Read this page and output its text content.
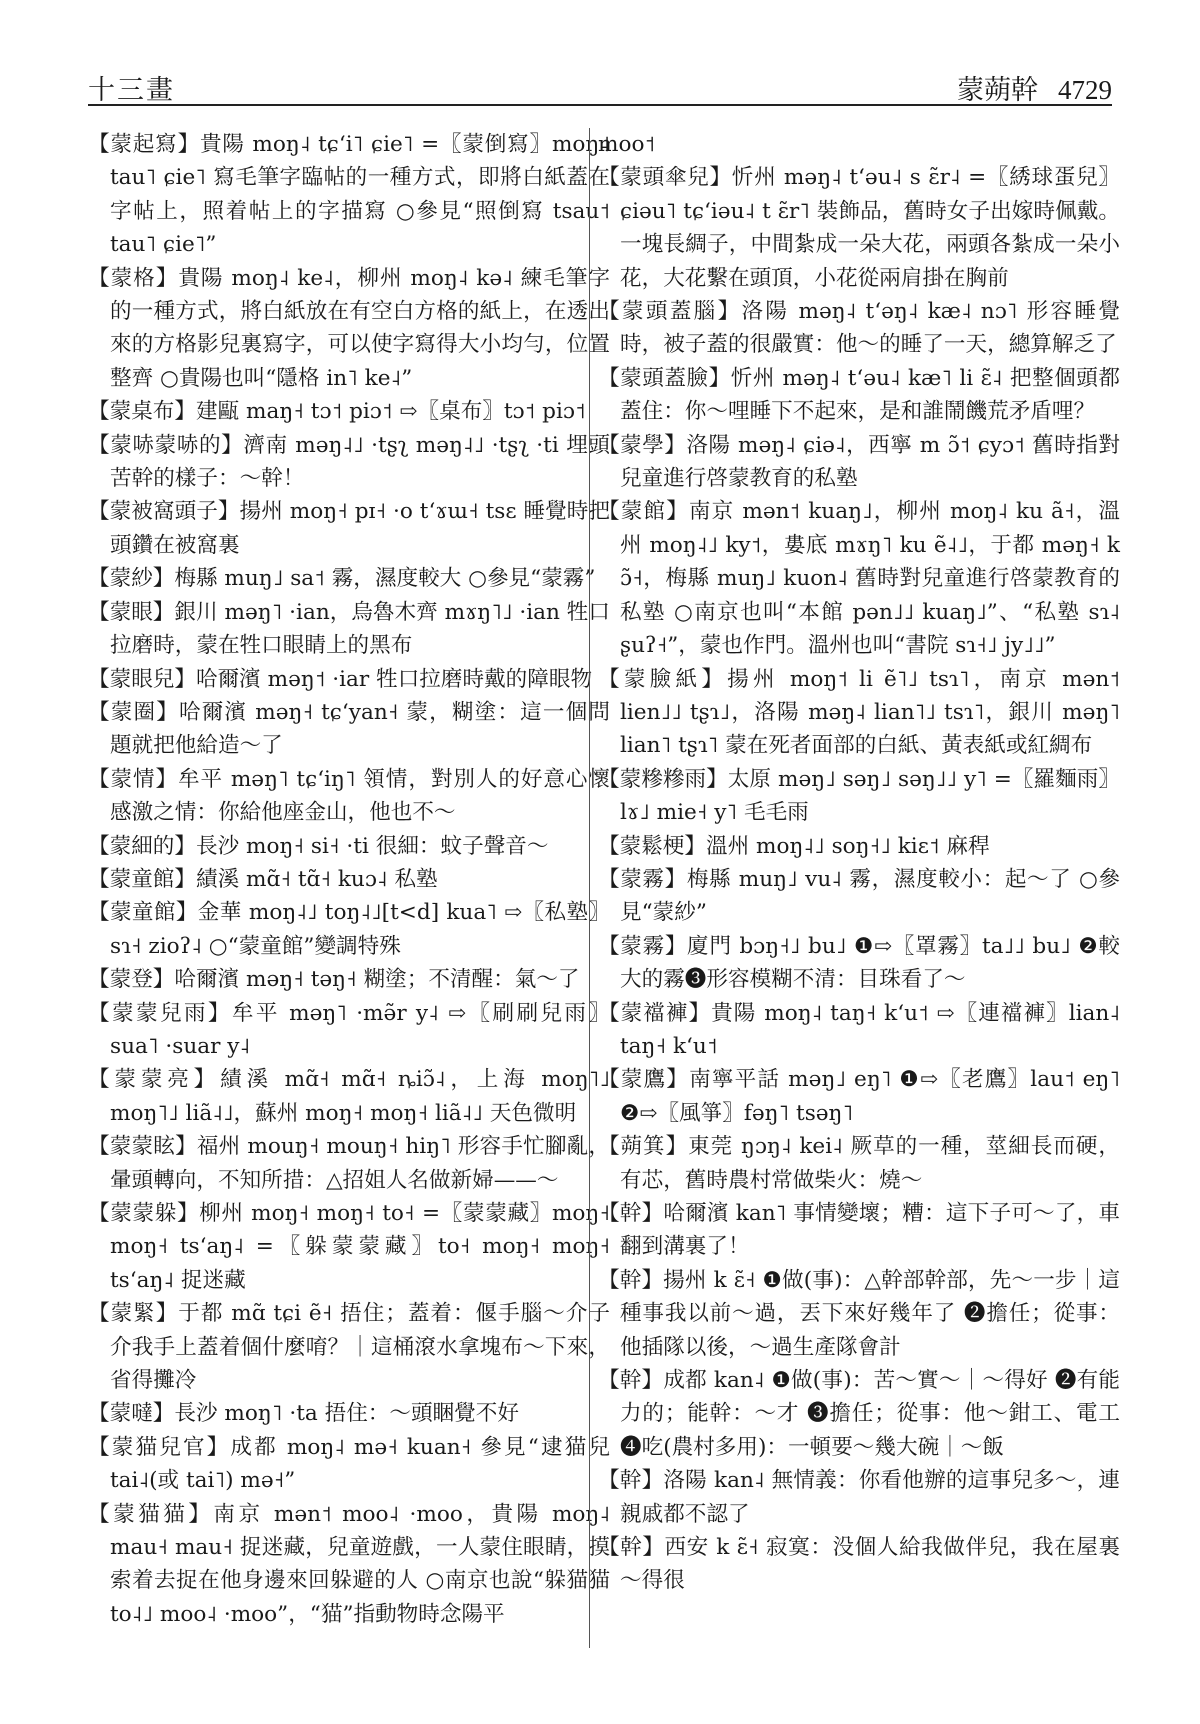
十三畫	蒙蒴幹 4729

【蒙起寫】貴陽 moŋ˨ tɕʻi˥ ɕie˥ =〖蒙倒寫〗moŋ˨ tau˥ ɕie˥ 寫毛筆字臨帖的一種方式，即將白紙蓋在字帖上，照着帖上的字描寫 ○參見“照倒寫 tsau˦ tau˥ ɕie˥”

【蒙格】貴陽 moŋ˨ ke˨，柳州 moŋ˨ kə˨ 練毛筆字的一種方式，將白紙放在有空白方格的紙上，在透出來的方格影兒裏寫字，可以使字寫得大小均勻，位置整齊 ○貴陽也叫“隱格 in˥ ke˨”

【蒙桌布】建甌 maŋ˧ tɔ˦ piɔ˦ ⇨〖桌布〗tɔ˦ piɔ˦

【蒙哧蒙哧的】濟南 məŋ˨˩ ·tʂʅ məŋ˨˩ ·tʂʅ ·ti 埋頭苦幹的樣子：～幹！

【蒙被窩頭子】揚州 moŋ˧ pɪ˧ ·o tʻɤɯ˧ tsɛ 睡覺時把頭鑽在被窩裏

【蒙紗】梅縣 muŋ˩ sa˦ 霧，濕度較大 ○參見“蒙霧”

【蒙眼】銀川 məŋ˥ ·ian，烏魯木齊 mɤŋ˥˩ ·ian 牲口拉磨時，蒙在牲口眼睛上的黑布

【蒙眼兒】哈爾濱 məŋ˦ ·iar 牲口拉磨時戴的障眼物

【蒙圈】哈爾濱 məŋ˧ tɕʻyan˧ 蒙，糊塗：這一個問題就把他給造～了

【蒙情】牟平 məŋ˥ tɕʻiŋ˥ 領情，對別人的好意心懷感激之情：你給他座金山，他也不～

【蒙細的】長沙 moŋ˧ si˧ ·ti 很細：蚊子聲音～

【蒙童館】績溪 mɑ̃˧ tɑ̃˧ kuɔ˨ 私塾

【蒙童館】金華 moŋ˨˩ toŋ˨˩[t<d] kua˥ ⇨〖私塾〗sɿ˧ zioʔ˨ ○“蒙童館”變調特殊

【蒙登】哈爾濱 məŋ˧ təŋ˧ 糊塗；不清醒：氣～了

【蒙蒙兒雨】牟平 məŋ˥ ·mə̃r y˨ ⇨〖刷刷兒雨〗suа˥ ·suar y˨

【蒙蒙亮】績溪 mɑ̃˧ mɑ̃˧ ȵiɔ̃˨，上海 moŋ˥˩ moŋ˥˩ liã˨˩，蘇州 moŋ˧ moŋ˧ liã˨˩ 天色微明

【蒙蒙眩】福州 mouŋ˧ mouŋ˧ hiŋ˥ 形容手忙腳亂，暈頭轉向，不知所措：△招姐人名做新婦——～

【蒙蒙躲】柳州 moŋ˧ moŋ˧ to˧ =〖蒙蒙藏〗moŋ˧ moŋ˧ tsʻaŋ˨ =〖躲蒙蒙藏〗to˧ moŋ˧ moŋ˧ tsʻaŋ˨ 捉迷藏

【蒙緊】于都 mɑ̃ tɕi ẽ˧ 捂住；蓋着：偃手腦～介子介我手上蓋着個什麼唷？｜這桶滾水拿塊布～下來，省得攤冷

【蒙噠】長沙 moŋ˥ ·ta 捂住：～頭睏覺不好

【蒙猫兒官】成都 moŋ˨ mə˧ kuan˧ 參見“逮猫兒 tai˨(或 tai˥) mə˧”

【蒙猫猫】南京 mən˦ moo˨ ·moo，貴陽 moŋ˨ mau˧ mau˧ 捉迷藏，兒童遊戲，一人蒙住眼睛，摸索着去捉在他身邊來回躲避的人 ○南京也說“躲猫猫 to˨˩ moo˨ ·moo”，“猫”指動物時念陽平

moo˦

【蒙頭傘兒】忻州 məŋ˨ tʻəu˨ s ɛ̃r˨ =〖綉球蛋兒〗ɕiəu˥ tɕʻiəu˨ t ɛ̃r˥ 裝飾品，舊時女子出嫁時佩戴。一塊長綢子，中間紮成一朵大花，兩頭各紮成一朵小花，大花繫在頭頂，小花從兩肩掛在胸前

【蒙頭蓋腦】洛陽 məŋ˨ tʻəŋ˨ kæ˨ nɔ˥ 形容睡覺時，被子蓋的很嚴實：他～的睡了一天，總算解乏了

【蒙頭蓋臉】忻州 məŋ˨ tʻəu˨ kæ˥ li ɛ̃˨ 把整個頭都蓋住：你～哩睡下不起來，是和誰鬧饑荒矛盾哩？

【蒙學】洛陽 məŋ˨ ɕiə˨，西寧 m ɔ̃˦ ɕyɔ˦ 舊時指對兒童進行啓蒙教育的私塾

【蒙館】南京 mən˦ kuaŋ˩，柳州 moŋ˨ ku ã˧，溫州 moŋ˨˩ ky˦，婁底 mɤŋ˥ ku ẽ˨˩，于都 məŋ˧ k ɔ̃˧，梅縣 muŋ˩ kuon˨ 舊時對兒童進行啓蒙教育的私塾 ○南京也叫“本館 pən˩˩ kuaŋ˩”、“私塾 sɿ˨ ʂuʔ˧”，蒙也作門。溫州也叫“書院 sɿ˧˩ jy˩˩”

【蒙臉紙】揚州 moŋ˦ li ẽ˥˩ tsɿ˥，南京 mən˦ lien˩˩ tʂɿ˩，洛陽 məŋ˨ lian˥˩ tsɿ˥，銀川 məŋ˥ lian˥ tʂɿ˥ 蒙在死者面部的白紙、黃表紙或紅綢布

【蒙糝糝雨】太原 məŋ˩ səŋ˩ səŋ˩˩ y˥ =〖羅麵雨〗lɤ˩ mie˧ y˥ 毛毛雨

【蒙鬆梗】溫州 moŋ˨˩ soŋ˧˩ kiɛ˦ 麻稈

【蒙霧】梅縣 muŋ˩ vu˨ 霧，濕度較小：起～了 ○參見“蒙紗”

【蒙霧】廈門 bɔŋ˧˩ bu˩ ❶⇨〖罩霧〗ta˩˩ bu˩ ❷較大的霧❸形容模糊不清：目珠看了～

【蒙襠褲】貴陽 moŋ˨ taŋ˧ kʻu˦ ⇨〖連襠褲〗lian˨ taŋ˧ kʻu˦

【蒙鷹】南寧平話 məŋ˩ eŋ˥ ❶⇨〖老鷹〗lau˦ eŋ˥ ❷⇨〖風箏〗fəŋ˥ tsəŋ˥

【蒴箕】東莞 ŋɔŋ˨ kei˨ 厥草的一種，莖細長而硬，有芯，舊時農村常做柴火：燒～

【幹】哈爾濱 kan˥ 事情變壞；糟：這下子可～了，車翻到溝裏了！

【幹】揚州 k ɛ̃˧ ❶做(事)：△幹部幹部，先～一步｜這種事我以前～過，丟下來好幾年了 ❷擔任；從事：他插隊以後，～過生產隊會計

【幹】成都 kan˨ ❶做(事)：苦～實～｜～得好 ❷有能力的；能幹：～才 ❸擔任；從事：他～鉗工、電工 ❹吃(農村多用)：一頓要～幾大碗｜～飯

【幹】洛陽 kan˨ 無情義：你看他辦的這事兒多～，連親戚都不認了

【幹】西安 k ɛ̃˧ 寂寞：没個人給我做伴兒，我在屋裏～得很
